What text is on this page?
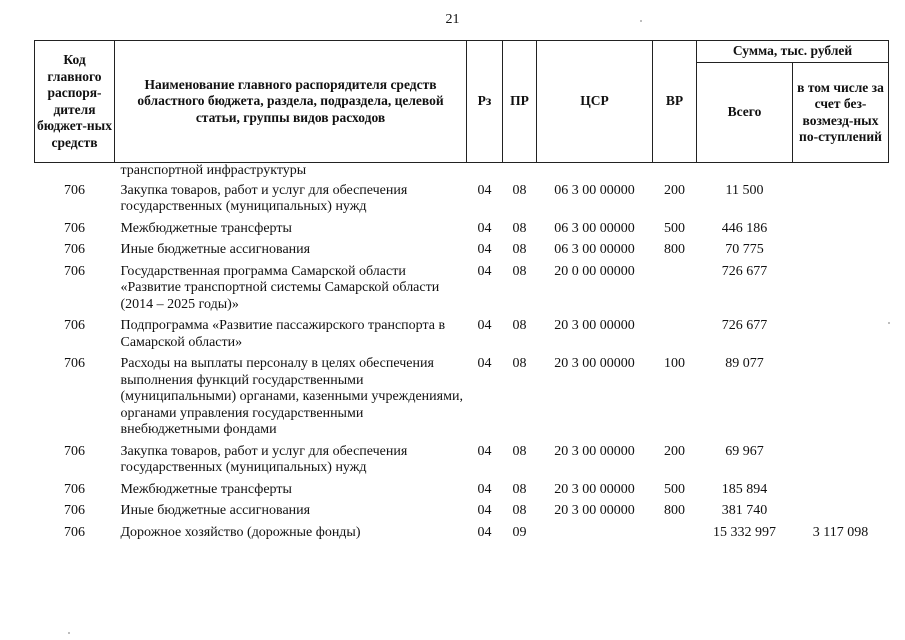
21
Код главного распоря-дителя бюджет-ных средств	Наименование главного распорядителя средств областного бюджета, раздела, подраздела, целевой статьи, группы видов расходов	Рз	ПР	ЦСР	ВР	Сумма, тыс. рублей	
						Всего	в том числе за счет без-возмезд-ных по-ступлений
	транспортной инфраструктуры						
706	Закупка товаров, работ и услуг для обеспечения государственных (муниципальных) нужд	04	08	06 3 00 00000	200	11 500	
706	Межбюджетные трансферты	04	08	06 3 00 00000	500	446 186	
706	Иные бюджетные ассигнования	04	08	06 3 00 00000	800	70 775	
706	Государственная программа Самарской области «Развитие транспортной системы Самарской области (2014 – 2025 годы)»	04	08	20 0 00 00000		726 677	
706	Подпрограмма «Развитие пассажирского транспорта в Самарской области»	04	08	20 3 00 00000		726 677	
706	Расходы на выплаты персоналу в целях обеспечения выполнения функций государственными (муниципальными) органами, казенными учреждениями, органами управления государственными внебюджетными фондами	04	08	20 3 00 00000	100	89 077	
706	Закупка товаров, работ и услуг для обеспечения государственных (муниципальных) нужд	04	08	20 3 00 00000	200	69 967	
706	Межбюджетные трансферты	04	08	20 3 00 00000	500	185 894	
706	Иные бюджетные ассигнования	04	08	20 3 00 00000	800	381 740	
706	Дорожное хозяйство (дорожные фонды)	04	09			15 332 997	3 117 098
